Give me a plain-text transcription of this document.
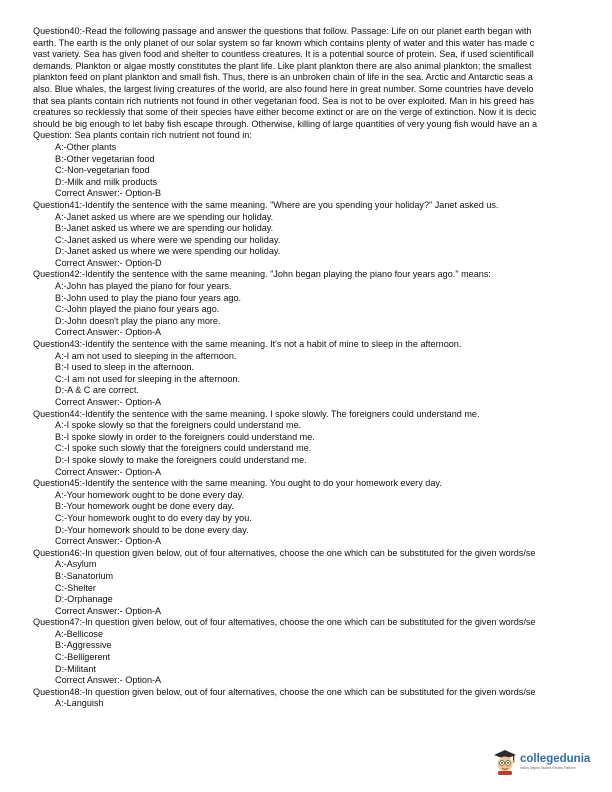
Question40:-Read the following passage and answer the questions that follow. Passage: Life on our planet earth began with
earth. The earth is the only planet of our solar system so far known which contains plenty of water and this water has made c
vast variety. Sea has given food and shelter to countless creatures. It is a potential source of protein. Sea, if used scientificall
demands. Plankton or algae mostly constitutes the plant life. Like plant plankton there are also animal plankton; the smallest
plankton feed on plant plankton and small fish. Thus, there is an unbroken chain of life in the sea. Arctic and Antarctic seas a
also. Blue whales, the largest living creatures of the world, are also found here in great number. Some countries have develo
that sea plants contain rich nutrients not found in other vegetarian food. Sea is not to be over exploited. Man in his greed has
creatures so recklessly that some of their species have either become extinct or are on the verge of extinction. Now it is decic
should be big enough to let baby fish escape through. Otherwise, killing of large quantities of very young fish would have an a
Question: Sea plants contain rich nutrient not found in:
A:-Other plants
B:-Other vegetarian food
C:-Non-vegetarian food
D:-Milk and milk products
Correct Answer:- Option-B
Question41:-Identify the sentence with the same meaning. "Where are you spending your holiday?" Janet asked us.
A:-Janet asked us where are we spending our holiday.
B:-Janet asked us where we are spending our holiday.
C:-Janet asked us where were we spending our holiday.
D:-Janet asked us where we were spending our holiday.
Correct Answer:- Option-D
Question42:-Identify the sentence with the same meaning. "John began playing the piano four years ago." means:
A:-John has played the piano for four years.
B:-John used to play the piano four years ago.
C:-John played the piano four years ago.
D:-John doesn't play the piano any more.
Correct Answer:- Option-A
Question43:-Identify the sentence with the same meaning. It's not a habit of mine to sleep in the afternoon.
A:-I am not used to sleeping in the afternoon.
B:-I used to sleep in the afternoon.
C:-I am not used for sleeping in the afternoon.
D:-A & C are correct.
Correct Answer:- Option-A
Question44:-Identify the sentence with the same meaning. I spoke slowly. The foreigners could understand me.
A:-I spoke slowly so that the foreigners could understand me.
B:-I spoke slowly in order to the foreigners could understand me.
C:-I spoke such slowly that the foreigners could understand me.
D:-I spoke slowly to make the foreigners could understand me.
Correct Answer:- Option-A
Question45:-Identify the sentence with the same meaning. You ought to do your homework every day.
A:-Your homework ought to be done every day.
B:-Your homework ought be done every day.
C:-Your homework ought to do every day by you.
D:-Your homework should to be done every day.
Correct Answer:- Option-A
Question46:-In question given below, out of four alternatives, choose the one which can be substituted for the given words/se
A:-Asylum
B:-Sanatorium
C:-Shelter
D:-Orphanage
Correct Answer:- Option-A
Question47:-In question given below, out of four alternatives, choose the one which can be substituted for the given words/se
A:-Bellicose
B:-Aggressive
C:-Belligerent
D:-Militant
Correct Answer:- Option-A
Question48:-In question given below, out of four alternatives, choose the one which can be substituted for the given words/se
A:-Languish
collegedunia
India's largest Student Review Platform
